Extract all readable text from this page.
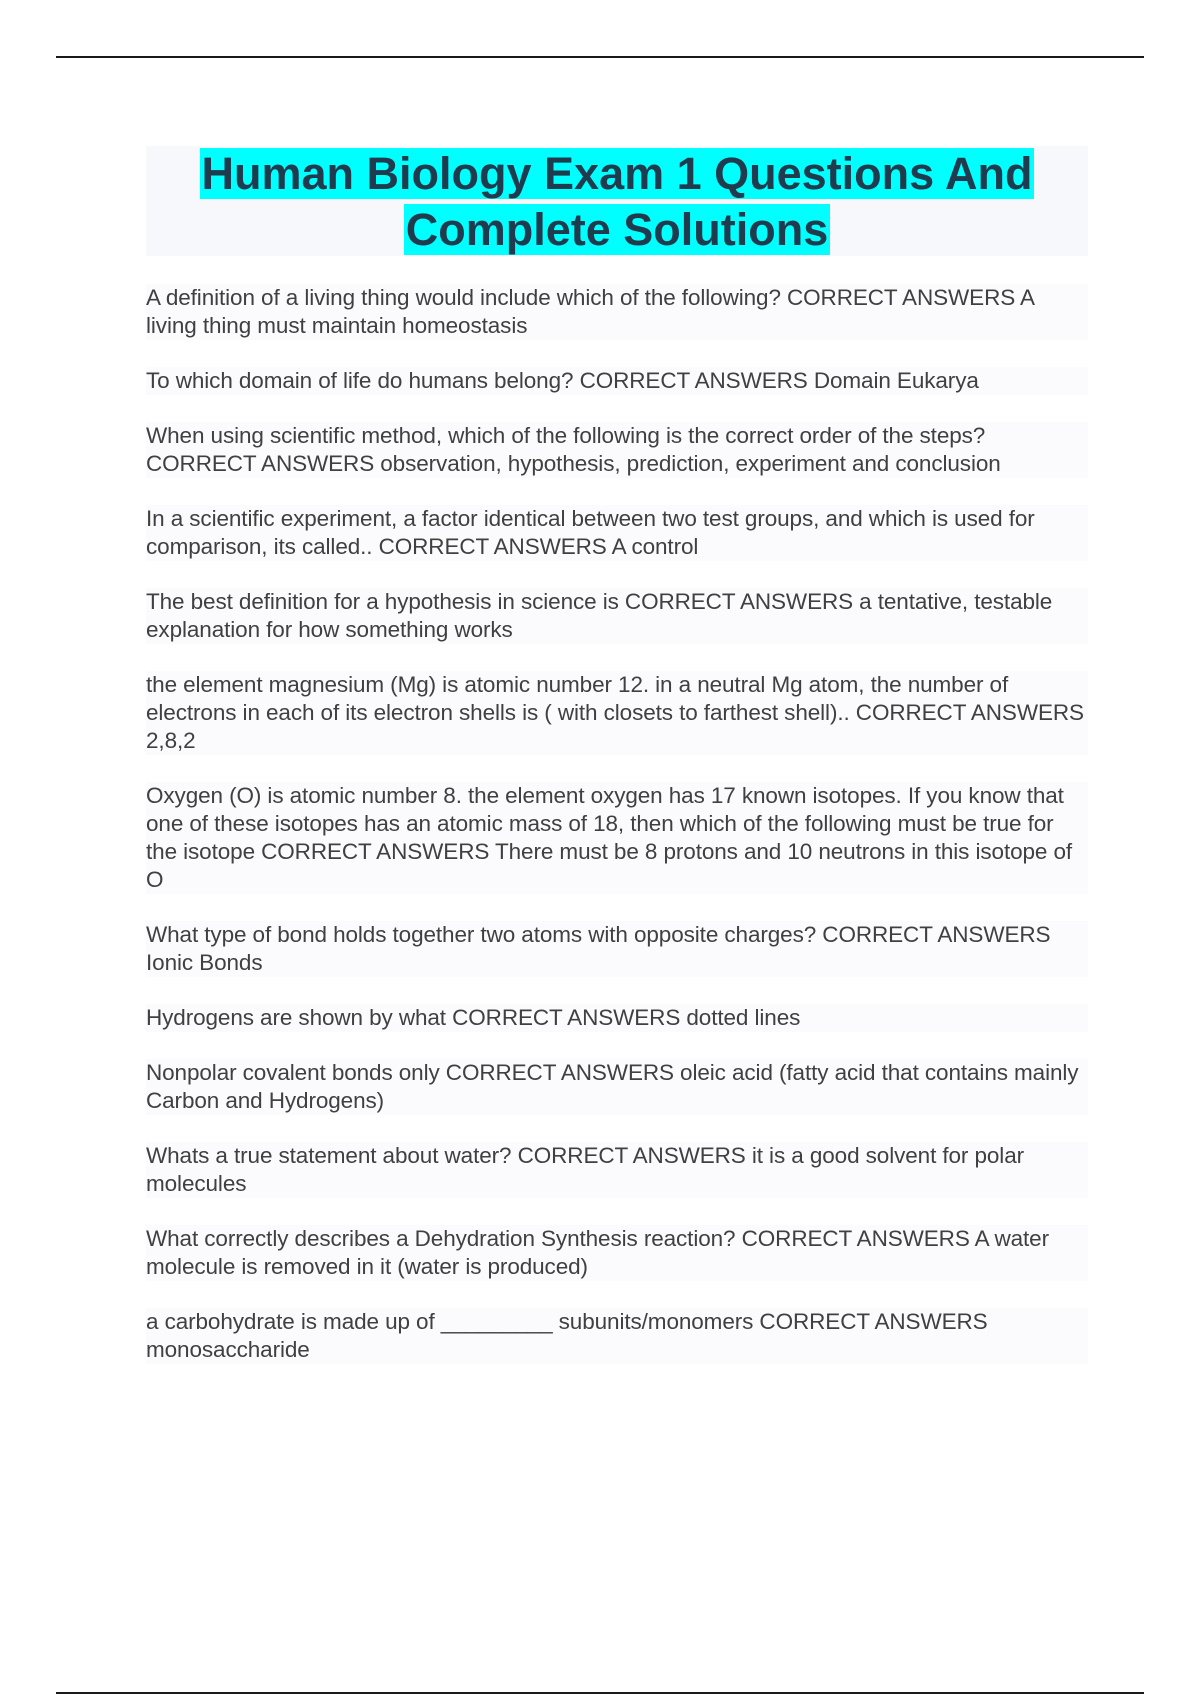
Human Biology Exam 1 Questions And
Complete Solutions
A definition of a living thing would include which of the following? CORRECT ANSWERS A living thing must maintain homeostasis
To which domain of life do humans belong? CORRECT ANSWERS Domain Eukarya
When using scientific method, which of the following is the correct order of the steps? CORRECT ANSWERS observation, hypothesis, prediction, experiment and conclusion
In a scientific experiment, a factor identical between two test groups, and which is used for comparison, its called.. CORRECT ANSWERS A control
The best definition for a hypothesis in science is CORRECT ANSWERS a tentative, testable explanation for how something works
the element magnesium (Mg) is atomic number 12. in a neutral Mg atom, the number of electrons in each of its electron shells is ( with closets to farthest shell).. CORRECT ANSWERS 2,8,2
Oxygen (O) is atomic number 8. the element oxygen has 17 known isotopes. If you know that one of these isotopes has an atomic mass of 18, then which of the following must be true for the isotope CORRECT ANSWERS There must be 8 protons and 10 neutrons in this isotope of O
What type of bond holds together two atoms with opposite charges? CORRECT ANSWERS Ionic Bonds
Hydrogens are shown by what CORRECT ANSWERS dotted lines
Nonpolar covalent bonds only CORRECT ANSWERS oleic acid (fatty acid that contains mainly Carbon and Hydrogens)
Whats a true statement about water? CORRECT ANSWERS it is a good solvent for polar molecules
What correctly describes a Dehydration Synthesis reaction? CORRECT ANSWERS A water molecule is removed in it (water is produced)
a carbohydrate is made up of _________ subunits/monomers CORRECT ANSWERS monosaccharide
